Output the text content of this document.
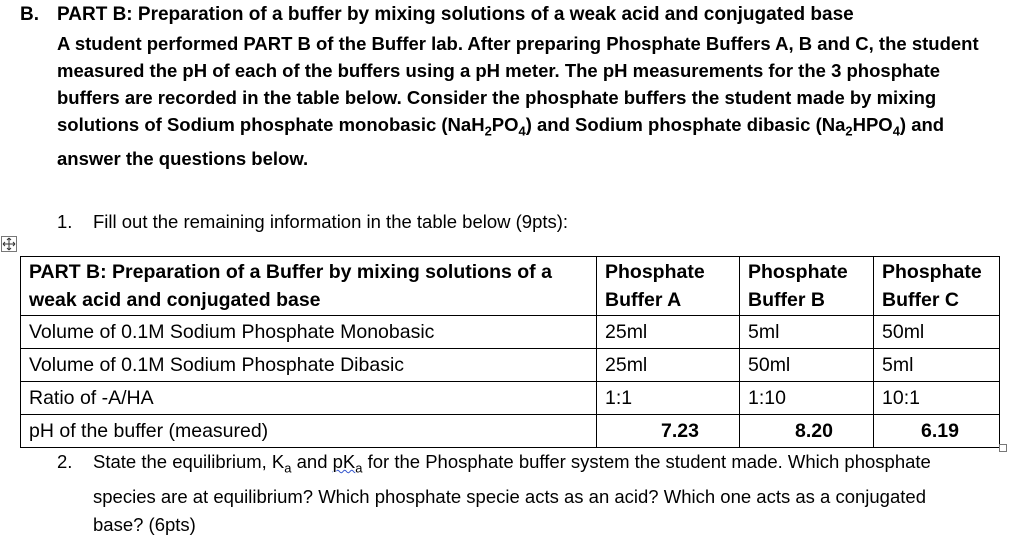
B. PART B: Preparation of a buffer by mixing solutions of a weak acid and conjugated base

A student performed PART B of the Buffer lab. After preparing Phosphate Buffers A, B and C, the student measured the pH of each of the buffers using a pH meter. The pH measurements for the 3 phosphate buffers are recorded in the table below. Consider the phosphate buffers the student made by mixing solutions of Sodium phosphate monobasic $(NaH_2PO_4)$ and Sodium phosphate dibasic $(Na_2HPO_4)$ and answer the questions below.

1. Fill out the remaining information in the table below (9pts):
PART B: Preparation of a Buffer by mixing solutions of a weak acid and conjugated base	Phosphate Buffer A	Phosphate Buffer B	Phosphate Buffer C
Volume of 0.1M Sodium Phosphate Monobasic	25ml	5ml	50ml
Volume of 0.1M Sodium Phosphate Dibasic	25ml	50ml	5ml
Ratio of -A/HA	1:1	1:10	10:1
pH of the buffer (measured)	7.23	8.20	6.19
2. State the equilibrium, $K_a$ and $pK_a$ for the Phosphate buffer system the student made. Which phosphate species are at equilibrium? Which phosphate specie acts as an acid? Which one acts as a conjugated base? (6pts)
